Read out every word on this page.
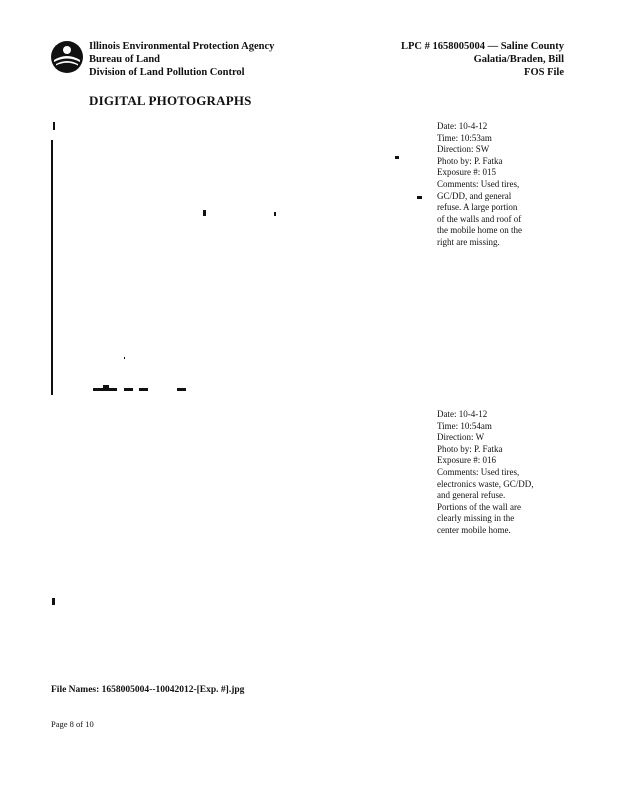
Illinois Environmental Protection Agency
Bureau of Land
Division of Land Pollution Control
LPC # 1658005004 — Saline County
Galatia/Braden, Bill
FOS File
DIGITAL PHOTOGRAPHS
Date: 10-4-12
Time: 10:53am
Direction: SW
Photo by: P. Fatka
Exposure #: 015
Comments: Used tires,
GC/DD, and general
refuse. A large portion
of the walls and roof of
the mobile home on the
right are missing.
Date: 10-4-12
Time: 10:54am
Direction: W
Photo by: P. Fatka
Exposure #: 016
Comments: Used tires,
electronics waste, GC/DD,
and general refuse.
Portions of the wall are
clearly missing in the
center mobile home.
File Names: 1658005004--10042012-[Exp. #].jpg
Page 8 of 10
